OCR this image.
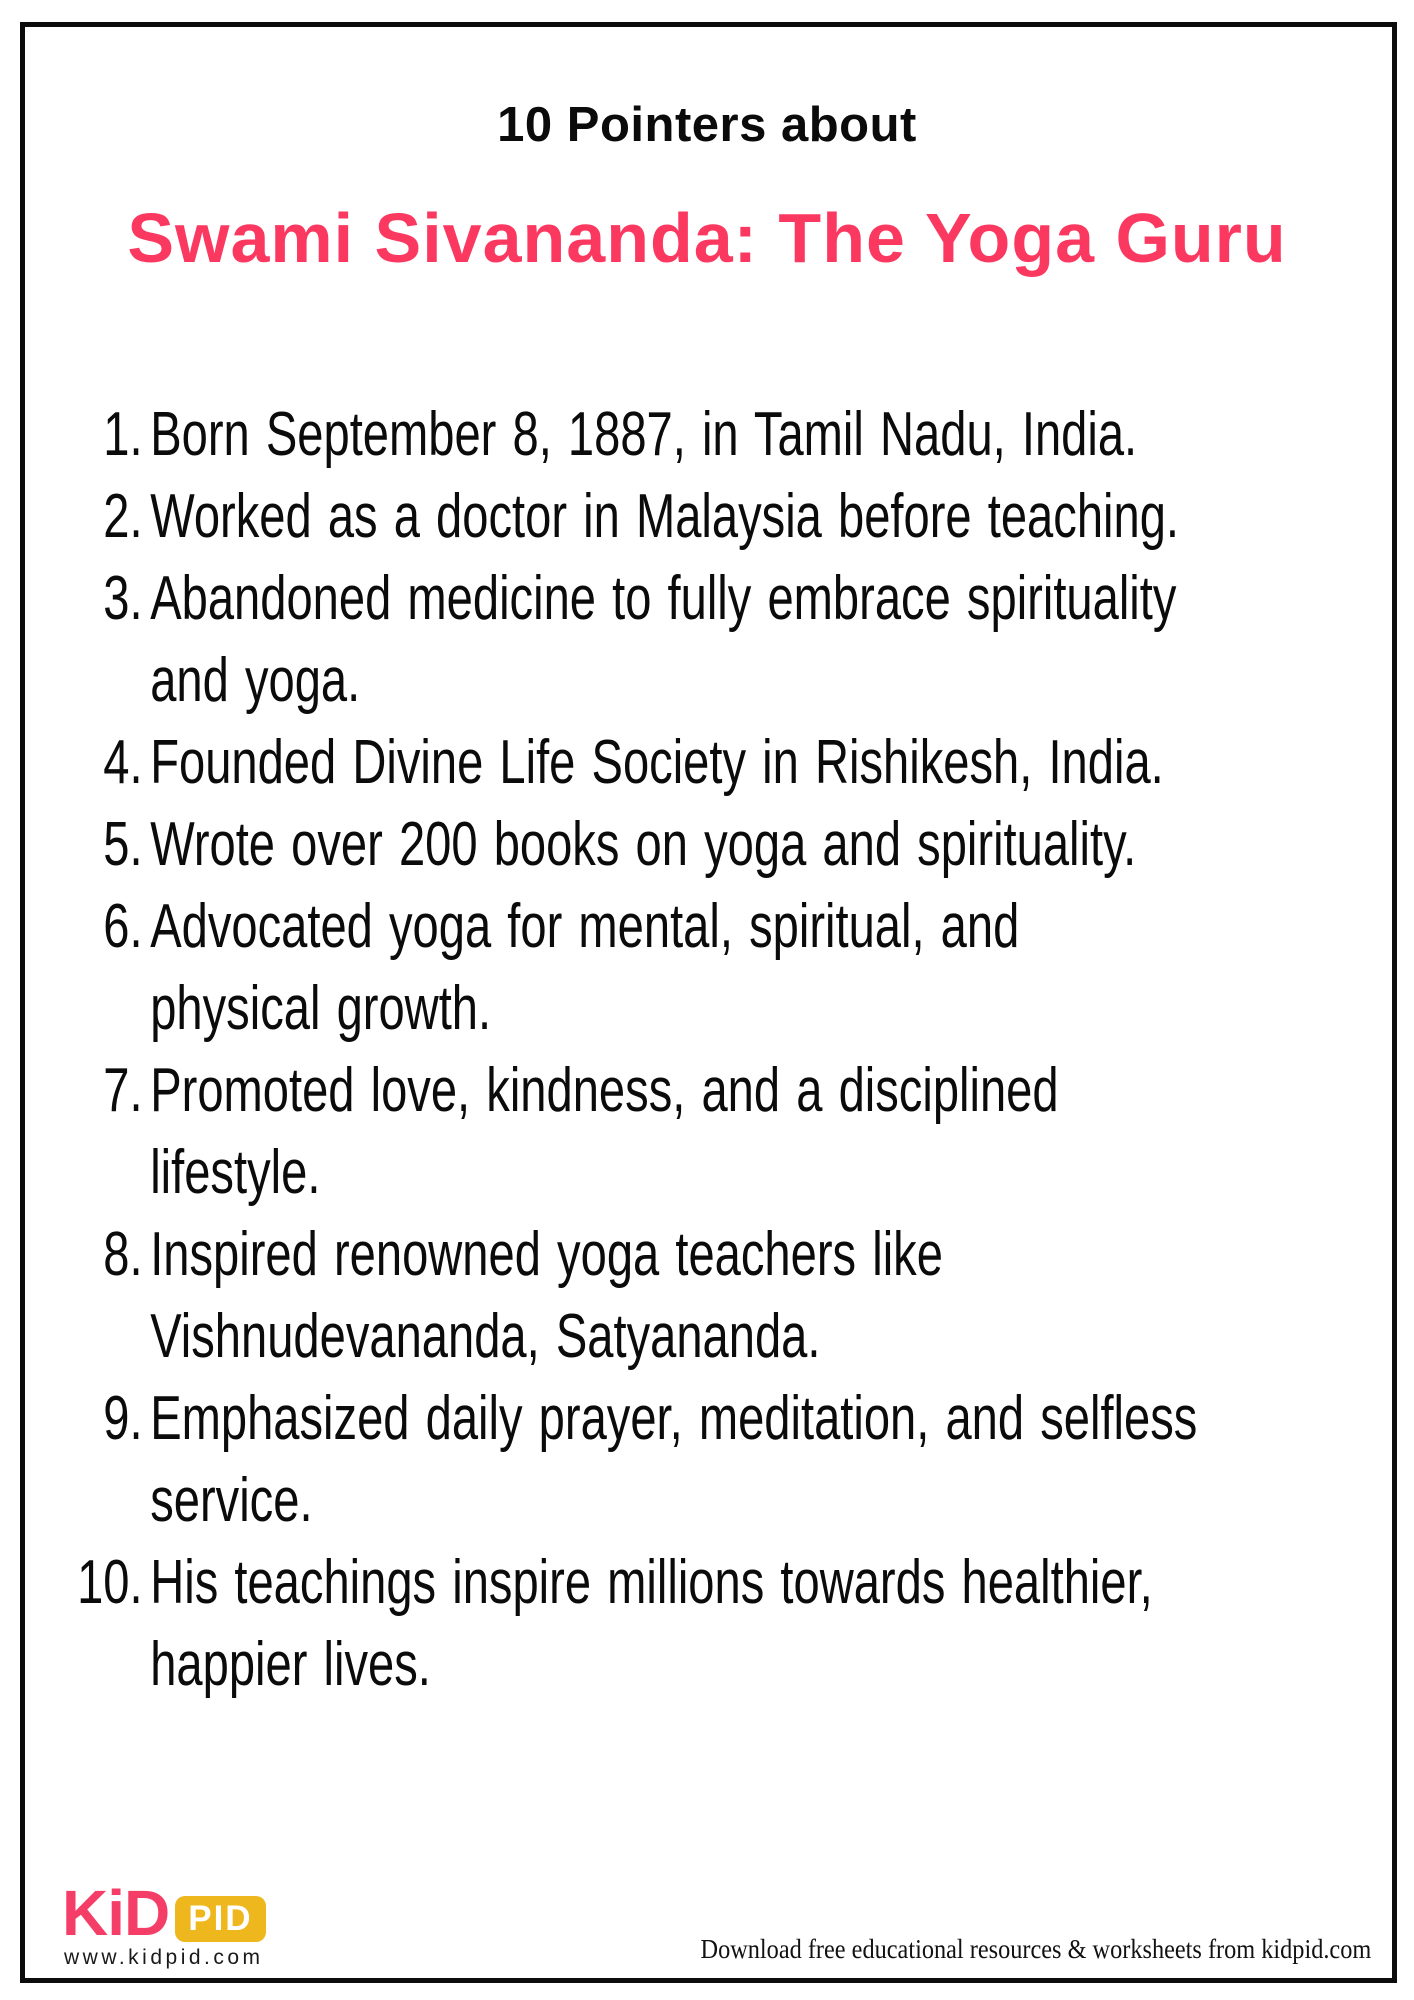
10 Pointers about
Swami Sivananda: The Yoga Guru
1. Born September 8, 1887, in Tamil Nadu, India.
2. Worked as a doctor in Malaysia before teaching.
3. Abandoned medicine to fully embrace spirituality
and yoga.
4. Founded Divine Life Society in Rishikesh, India.
5. Wrote over 200 books on yoga and spirituality.
6. Advocated yoga for mental, spiritual, and
physical growth.
7. Promoted love, kindness, and a disciplined
lifestyle.
8. Inspired renowned yoga teachers like
Vishnudevananda, Satyananda.
9. Emphasized daily prayer, meditation, and selfless
service.
10. His teachings inspire millions towards healthier,
happier lives.
KiD PID
www.kidpid.com	Download free educational resources & worksheets from kidpid.com
